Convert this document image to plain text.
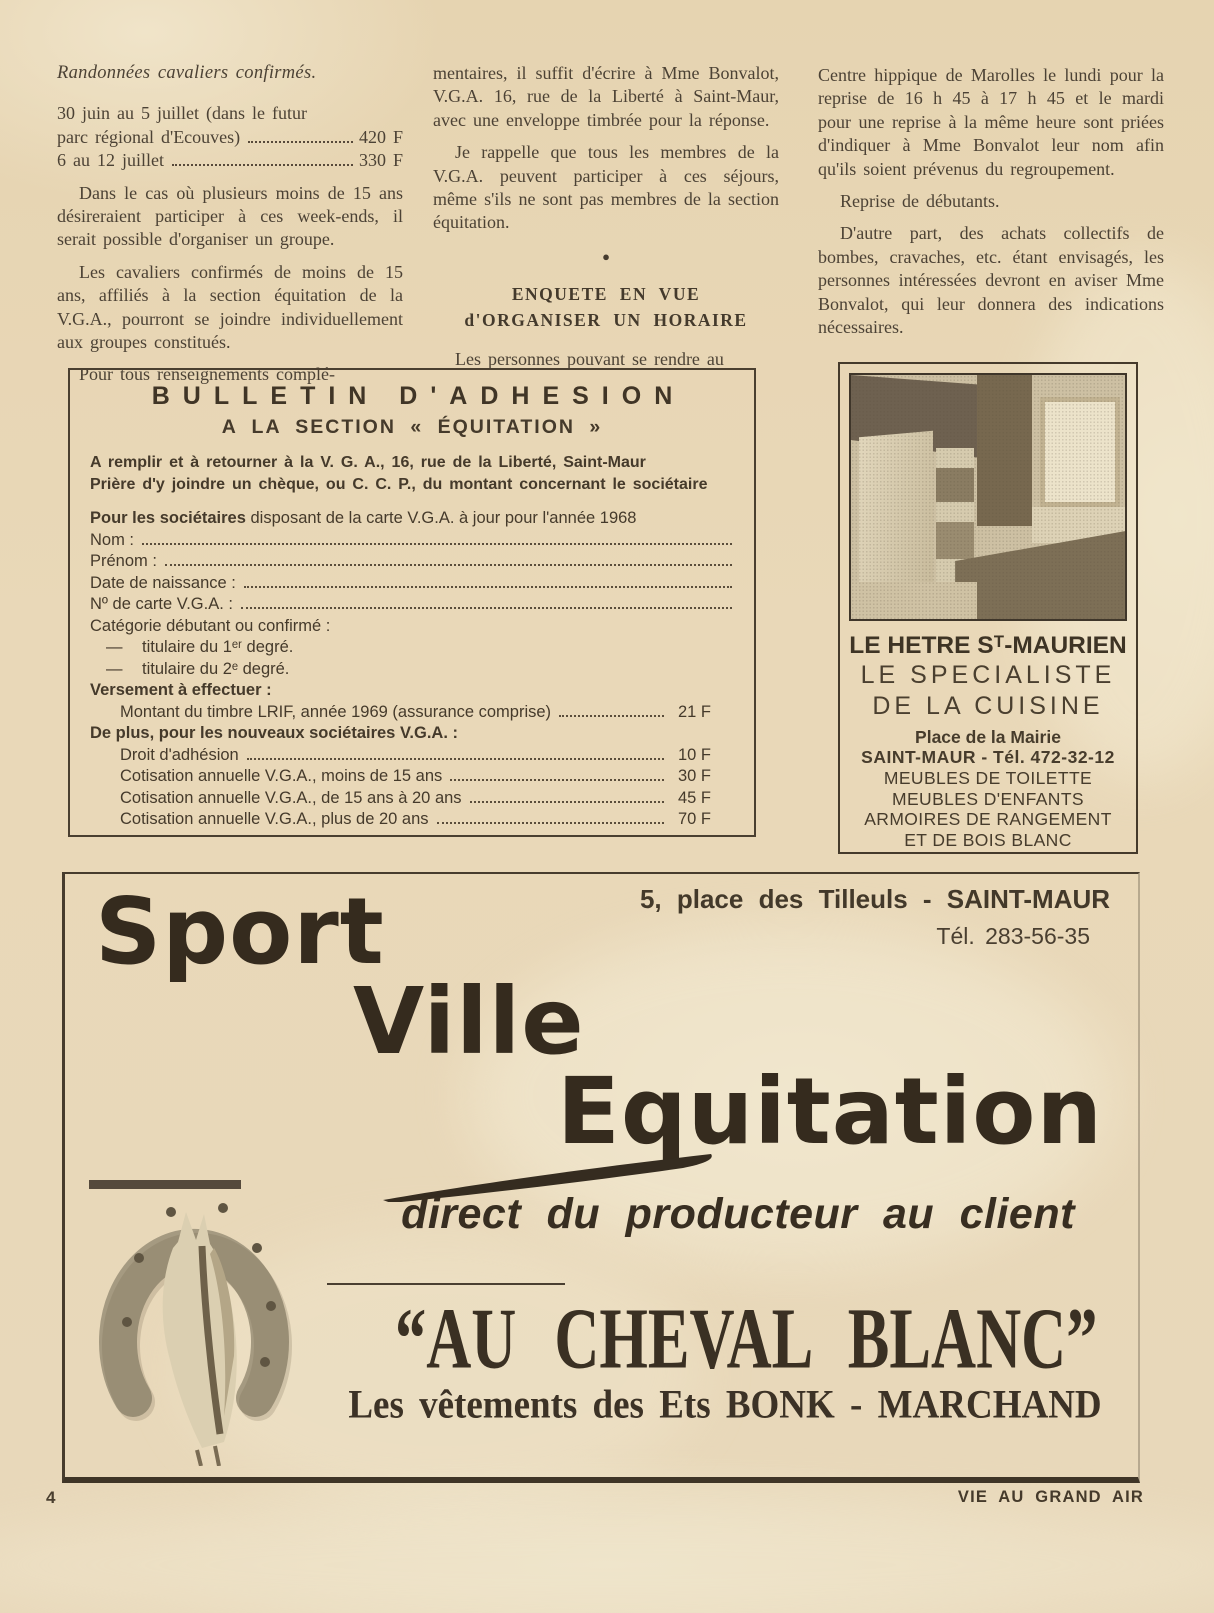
Randonnées cavaliers confirmés.
30 juin au 5 juillet (dans le futur
parc régional d'Ecouves)	420 F
6 au 12 juillet	330 F

Dans le cas où plusieurs moins de 15 ans désireraient participer à ces week-ends, il serait possible d'organiser un groupe.

Les cavaliers confirmés de moins de 15 ans, affiliés à la section équitation de la V.G.A., pourront se joindre individuellement aux groupes constitués.

Pour tous renseignements complé-

mentaires, il suffit d'écrire à Mme Bonvalot, V.G.A. 16, rue de la Liberté à Saint-Maur, avec une enveloppe timbrée pour la réponse.

Je rappelle que tous les membres de la V.G.A. peuvent participer à ces séjours, même s'ils ne sont pas membres de la section équitation.

●
ENQUETE EN VUE
d'ORGANISER UN HORAIRE

Les personnes pouvant se rendre au

Centre hippique de Marolles le lundi pour la reprise de 16 h 45 à 17 h 45 et le mardi pour une reprise à la même heure sont priées d'indiquer à Mme Bonvalot leur nom afin qu'ils soient prévenus du regroupement.

Reprise de débutants.

D'autre part, des achats collectifs de bombes, cravaches, etc. étant envisagés, les personnes intéressées devront en aviser Mme Bonvalot, qui leur donnera des indications nécessaires.

BULLETIN D'ADHESION
A LA SECTION « ÉQUITATION »
A remplir et à retourner à la V. G. A., 16, rue de la Liberté, Saint-Maur
Prière d'y joindre un chèque, ou C. C. P., du montant concernant le sociétaire
Pour les sociétaires disposant de la carte V.G.A. à jour pour l'année 1968
Nom :
Prénom :
Date de naissance :
Nº de carte V.G.A. :
Catégorie débutant ou confirmé :
— titulaire du 1ᵉʳ degré.
— titulaire du 2ᵉ degré.
Versement à effectuer :
Montant du timbre LRIF, année 1969 (assurance comprise)	21 F
De plus, pour les nouveaux sociétaires V.G.A. :
Droit d'adhésion	10 F
Cotisation annuelle V.G.A., moins de 15 ans	30 F
Cotisation annuelle V.G.A., de 15 ans à 20 ans	45 F
Cotisation annuelle V.G.A., plus de 20 ans	70 F
LE HETRE Sᵀ-MAURIEN
LE SPECIALISTE
DE LA CUISINE
Place de la Mairie
SAINT-MAUR - Tél. 472-32-12
MEUBLES DE TOILETTE
MEUBLES D'ENFANTS
ARMOIRES DE RANGEMENT
ET DE BOIS BLANC
5, place des Tilleuls - SAINT-MAUR
Tél. 283-56-35
Sport
Ville
Equitation
direct du producteur au client
“AU CHEVAL BLANC”
Les vêtements des Ets BONK - MARCHAND
4	VIE AU GRAND AIR
